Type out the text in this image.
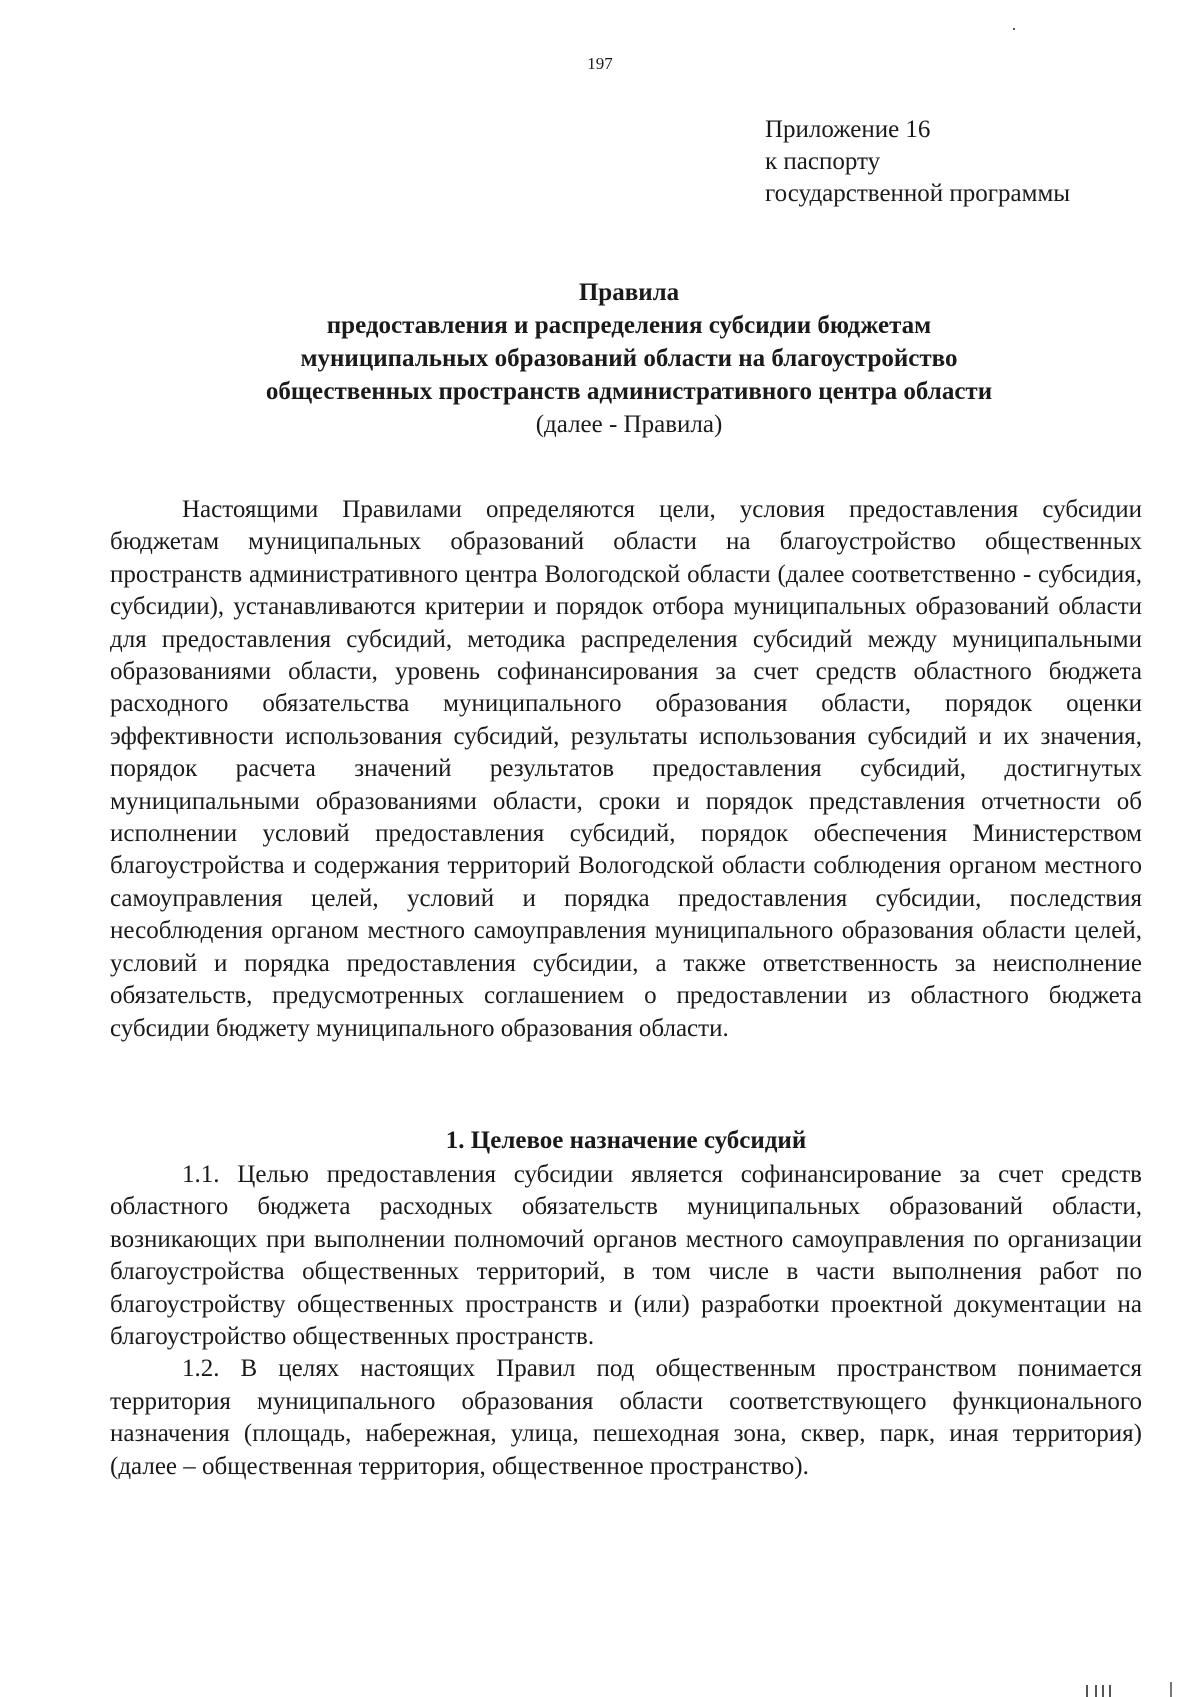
197
Приложение 16
к паспорту
государственной программы
Правила
предоставления и распределения субсидии бюджетам
муниципальных образований области на благоустройство
общественных пространств административного центра области
(далее - Правила)

Настоящими Правилами определяются цели, условия предоставления субсидии бюджетам муниципальных образований области на благоустройство общественных пространств административного центра Вологодской области (далее соответственно - субсидия, субсидии), устанавливаются критерии и порядок отбора муниципальных образований области для предоставления субсидий, методика распределения субсидий между муниципальными образованиями области, уровень софинансирования за счет средств областного бюджета расходного обязательства муниципального образования области, порядок оценки эффективности использования субсидий, результаты использования субсидий и их значения, порядок расчета значений результатов предоставления субсидий, достигнутых муниципальными образованиями области, сроки и порядок представления отчетности об исполнении условий предоставления субсидий, порядок обеспечения Министерством благоустройства и содержания территорий Вологодской области соблюдения органом местного самоуправления целей, условий и порядка предоставления субсидии, последствия несоблюдения органом местного самоуправления муниципального образования области целей, условий и порядка предоставления субсидии, а также ответственность за неисполнение обязательств, предусмотренных соглашением о предоставлении из областного бюджета субсидии бюджету муниципального образования области.

1. Целевое назначение субсидий

1.1. Целью предоставления субсидии является софинансирование за счет средств областного бюджета расходных обязательств муниципальных образований области, возникающих при выполнении полномочий органов местного самоуправления по организации благоустройства общественных территорий, в том числе в части выполнения работ по благоустройству общественных пространств и (или) разработки проектной документации на благоустройство общественных пространств.

1.2. В целях настоящих Правил под общественным пространством понимается территория муниципального образования области соответствующего функционального назначения (площадь, набережная, улица, пешеходная зона, сквер, парк, иная территория) (далее – общественная территория, общественное пространство).
